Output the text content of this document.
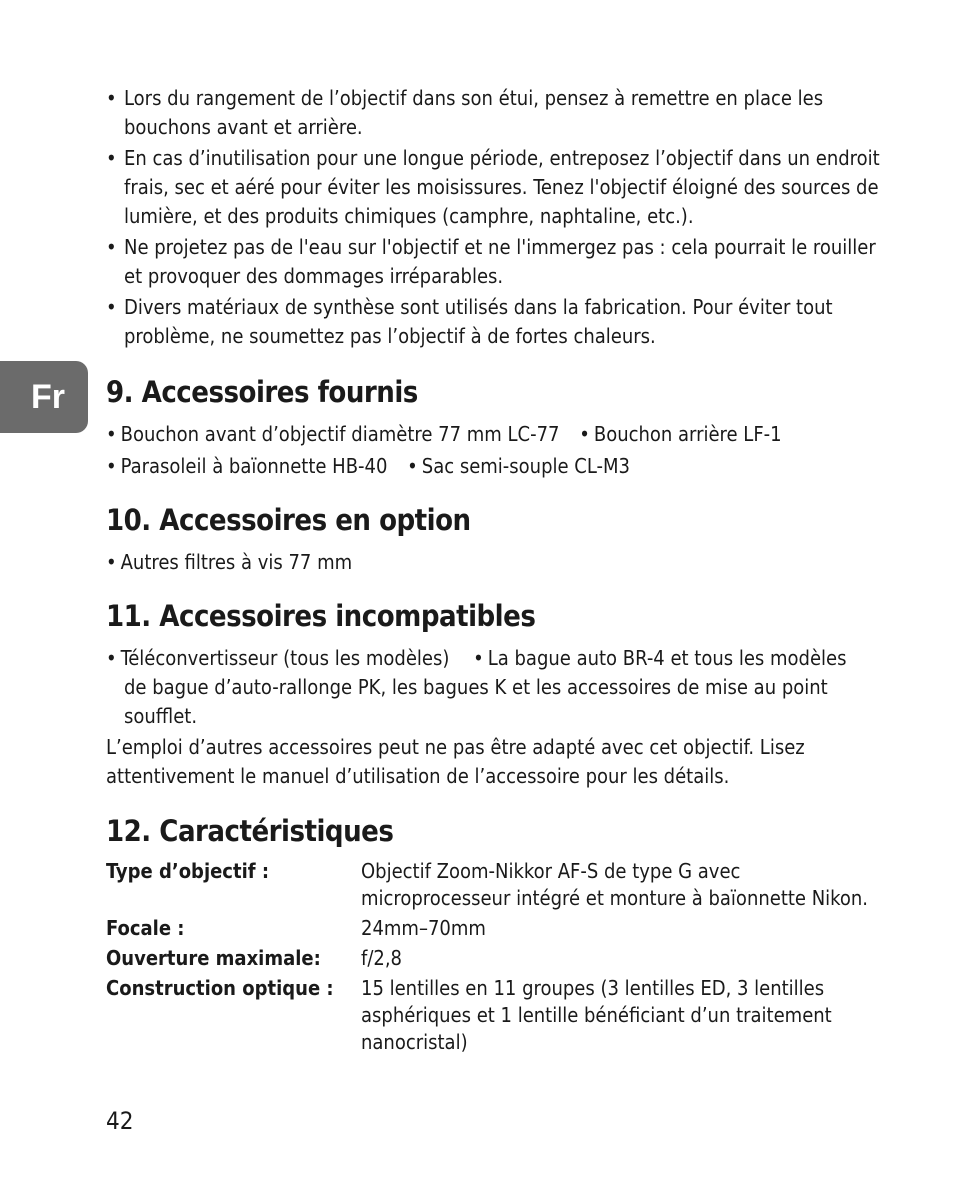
Fr
• Lors du rangement de l’objectif dans son étui, pensez à remettre en place les bouchons avant et arrière.
• En cas d’inutilisation pour une longue période, entreposez l’objectif dans un endroit frais, sec et aéré pour éviter les moisissures. Tenez l'objectif éloigné des sources de lumière, et des produits chimiques (camphre, naphtaline, etc.).
• Ne projetez pas de l'eau sur l'objectif et ne l'immergez pas : cela pourrait le rouiller et provoquer des dommages irréparables.
• Divers matériaux de synthèse sont utilisés dans la fabrication. Pour éviter tout problème, ne soumettez pas l’objectif à de fortes chaleurs.
9. Accessoires fournis
• Bouchon avant d’objectif diamètre 77 mm LC-77 • Bouchon arrière LF-1
• Parasoleil à baïonnette HB-40 • Sac semi-souple CL-M3
10. Accessoires en option
• Autres filtres à vis 77 mm
11. Accessoires incompatibles
• Téléconvertisseur (tous les modèles) • La bague auto BR-4 et tous les modèles
de bague d’auto-rallonge PK, les bagues K et les accessoires de mise au point soufflet.
L’emploi d’autres accessoires peut ne pas être adapté avec cet objectif. Lisez attentivement le manuel d’utilisation de l’accessoire pour les détails.
12. Caractéristiques
Type d’objectif :	Objectif Zoom-Nikkor AF-S de type G avec microprocesseur intégré et monture à baïonnette Nikon.
Focale :	24mm–70mm
Ouverture maximale:	f/2,8
Construction optique :	15 lentilles en 11 groupes (3 lentilles ED, 3 lentilles asphériques et 1 lentille bénéficiant d’un traitement nanocristal)
42
